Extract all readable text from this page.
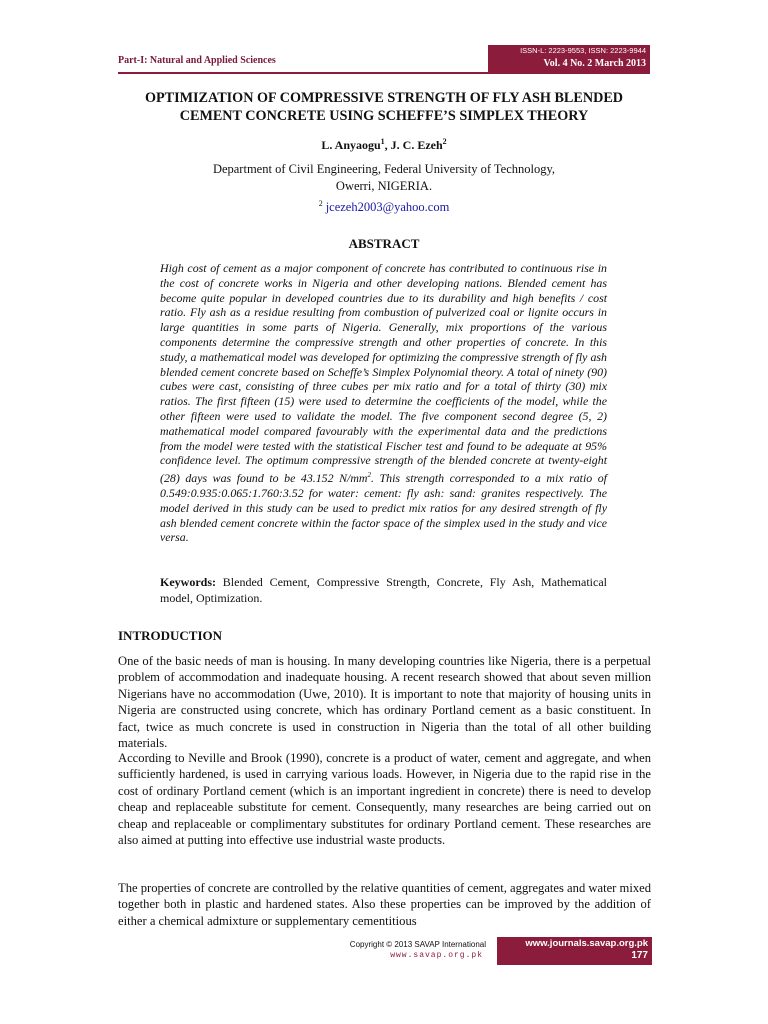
Part-I: Natural and Applied Sciences
ISSN-L: 2223-9553, ISSN: 2223-9944
Vol. 4 No. 2 March 2013
OPTIMIZATION OF COMPRESSIVE STRENGTH OF FLY ASH BLENDED
CEMENT CONCRETE USING SCHEFFE’S SIMPLEX THEORY
L. Anyaogu$^1$, J. C. Ezeh$^2$
Department of Civil Engineering, Federal University of Technology,
Owerri, NIGERIA.
$^2$ jcezeh2003@yahoo.com
ABSTRACT

High cost of cement as a major component of concrete has contributed to continuous rise in the cost of concrete works in Nigeria and other developing nations. Blended cement has become quite popular in developed countries due to its durability and high benefits / cost ratio. Fly ash as a residue resulting from combustion of pulverized coal or lignite occurs in large quantities in some parts of Nigeria. Generally, mix proportions of the various components determine the compressive strength and other properties of concrete. In this study, a mathematical model was developed for optimizing the compressive strength of fly ash blended cement concrete based on Scheffe’s Simplex Polynomial theory. A total of ninety (90) cubes were cast, consisting of three cubes per mix ratio and for a total of thirty (30) mix ratios. The first fifteen (15) were used to determine the coefficients of the model, while the other fifteen were used to validate the model. The five component second degree (5, 2) mathematical model compared favourably with the experimental data and the predictions from the model were tested with the statistical Fischer test and found to be adequate at 95% confidence level. The optimum compressive strength of the blended concrete at twenty-eight (28) days was found to be 43.152 $N/mm^2$. This strength corresponded to a mix ratio of 0.549:0.935:0.065:1.760:3.52 for water: cement: fly ash: sand: granites respectively. The model derived in this study can be used to predict mix ratios for any desired strength of fly ash blended cement concrete within the factor space of the simplex used in the study and vice versa.

Keywords: Blended Cement, Compressive Strength, Concrete, Fly Ash, Mathematical model, Optimization.

INTRODUCTION

One of the basic needs of man is housing. In many developing countries like Nigeria, there is a perpetual problem of accommodation and inadequate housing. A recent research showed that about seven million Nigerians have no accommodation (Uwe, 2010). It is important to note that majority of housing units in Nigeria are constructed using concrete, which has ordinary Portland cement as a basic constituent. In fact, twice as much concrete is used in construction in Nigeria than the total of all other building materials.

According to Neville and Brook (1990), concrete is a product of water, cement and aggregate, and when sufficiently hardened, is used in carrying various loads. However, in Nigeria due to the rapid rise in the cost of ordinary Portland cement (which is an important ingredient in concrete) there is need to develop cheap and replaceable substitute for cement. Consequently, many researches are being carried out on cheap and replaceable or complimentary substitutes for ordinary Portland cement. These researches are also aimed at putting into effective use industrial waste products.

The properties of concrete are controlled by the relative quantities of cement, aggregates and water mixed together both in plastic and hardened states. Also these properties can be improved by the addition of either a chemical admixture or supplementary cementitious

Copyright © 2013 SAVAP International
www.savap.org.pk
www.journals.savap.org.pk
177
